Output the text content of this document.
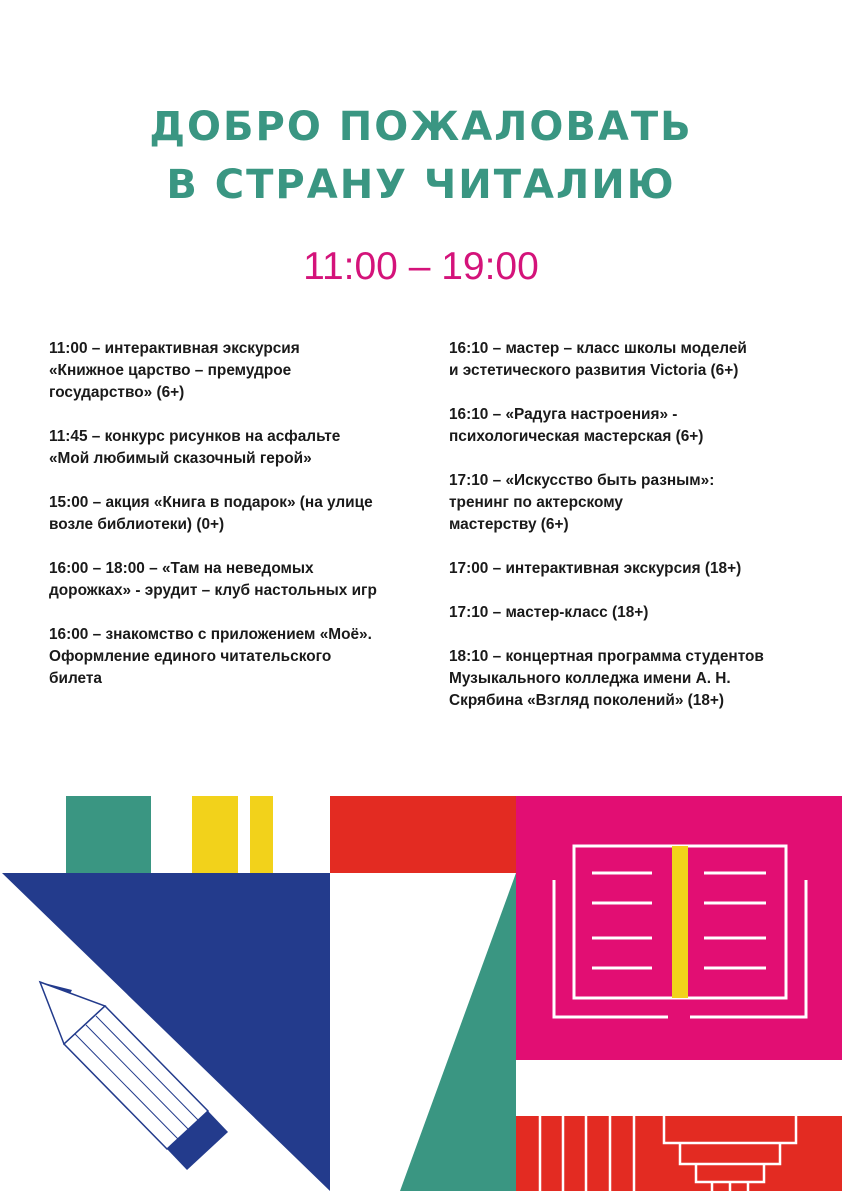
ДОБРО ПОЖАЛОВАТЬ
В СТРАНУ ЧИТАЛИЮ
11:00 – 19:00
11:00 – интерактивная экскурсия
«Книжное царство – премудрое
государство» (6+)
11:45 – конкурс рисунков на асфальте
«Мой любимый сказочный герой»
15:00 – акция «Книга в подарок» (на улице
возле библиотеки) (0+)
16:00 – 18:00 – «Там на неведомых
дорожках» - эрудит – клуб настольных игр
16:00 – знакомство с приложением «Моё».
Оформление единого читательского
билета
16:10 – мастер – класс школы моделей
и эстетического развития Victoria (6+)
16:10 – «Радуга настроения» -
психологическая мастерская (6+)
17:10 – «Искусство быть разным»:
тренинг по актерскому
мастерству (6+)
17:00 – интерактивная экскурсия (18+)
17:10 – мастер-класс (18+)
18:10 – концертная программа студентов
Музыкального колледжа имени А. Н.
Скрябина «Взгляд поколений» (18+)
